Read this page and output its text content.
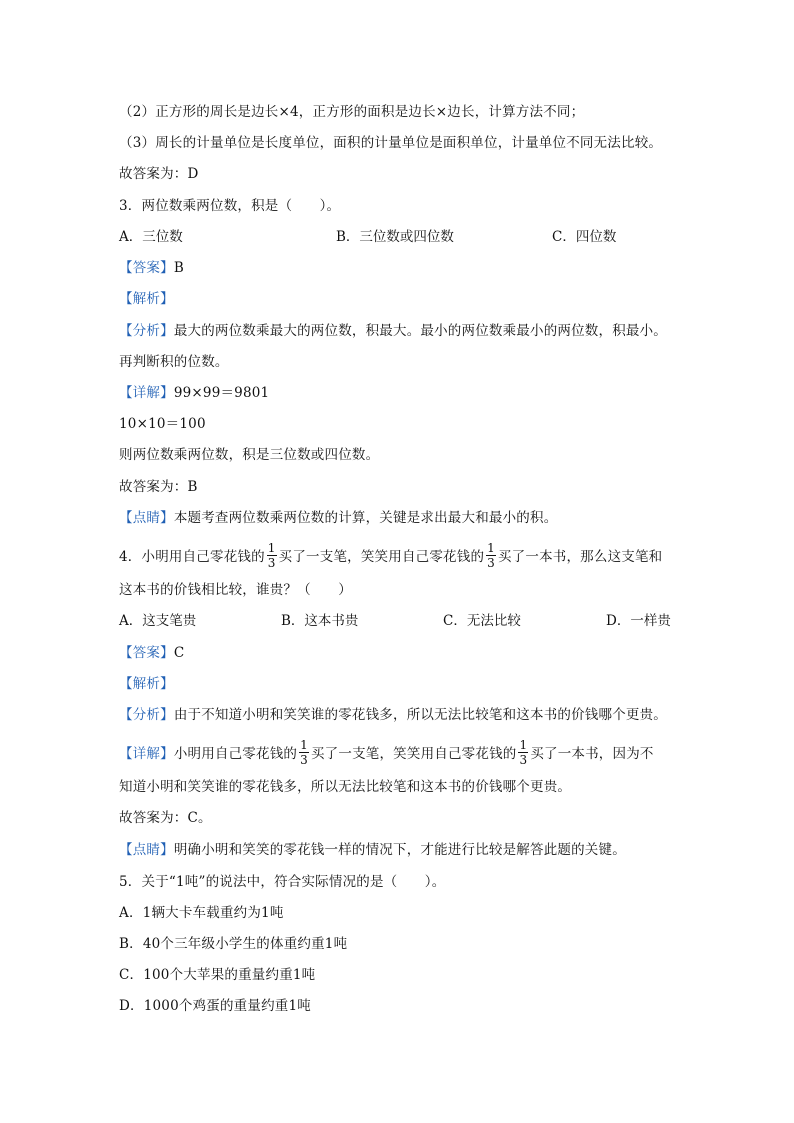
（2）正方形的周长是边长×4，正方形的面积是边长×边长，计算方法不同；
（3）周长的计量单位是长度单位，面积的计量单位是面积单位，计量单位不同无法比较。
故答案为：D
3．两位数乘两位数，积是（　　）。
A．三位数	B．三位数或四位数	C．四位数
【答案】B
【解析】
【分析】最大的两位数乘最大的两位数，积最大。最小的两位数乘最小的两位数，积最小。
再判断积的位数。
【详解】99×99＝9801
10×10＝100
则两位数乘两位数，积是三位数或四位数。
故答案为：B
【点睛】本题考查两位数乘两位数的计算，关键是求出最大和最小的积。
4．小明用自己零花钱的 $\frac{1}{3}$ 买了一支笔，笑笑用自己零花钱的 $\frac{1}{3}$ 买了一本书，那么这支笔和
这本书的价钱相比较，谁贵？（　　）
A．这支笔贵	B．这本书贵	C．无法比较	D．一样贵
【答案】C
【解析】
【分析】由于不知道小明和笑笑谁的零花钱多，所以无法比较笔和这本书的价钱哪个更贵。
【详解】小明用自己零花钱的 $\frac{1}{3}$ 买了一支笔，笑笑用自己零花钱的 $\frac{1}{3}$ 买了一本书，因为不
知道小明和笑笑谁的零花钱多，所以无法比较笔和这本书的价钱哪个更贵。
故答案为：C。
【点睛】明确小明和笑笑的零花钱一样的情况下，才能进行比较是解答此题的关键。
5．关于“1吨”的说法中，符合实际情况的是（　　）。
A．1辆大卡车载重约为1吨
B．40个三年级小学生的体重约重1吨
C．100个大苹果的重量约重1吨
D．1000个鸡蛋的重量约重1吨
